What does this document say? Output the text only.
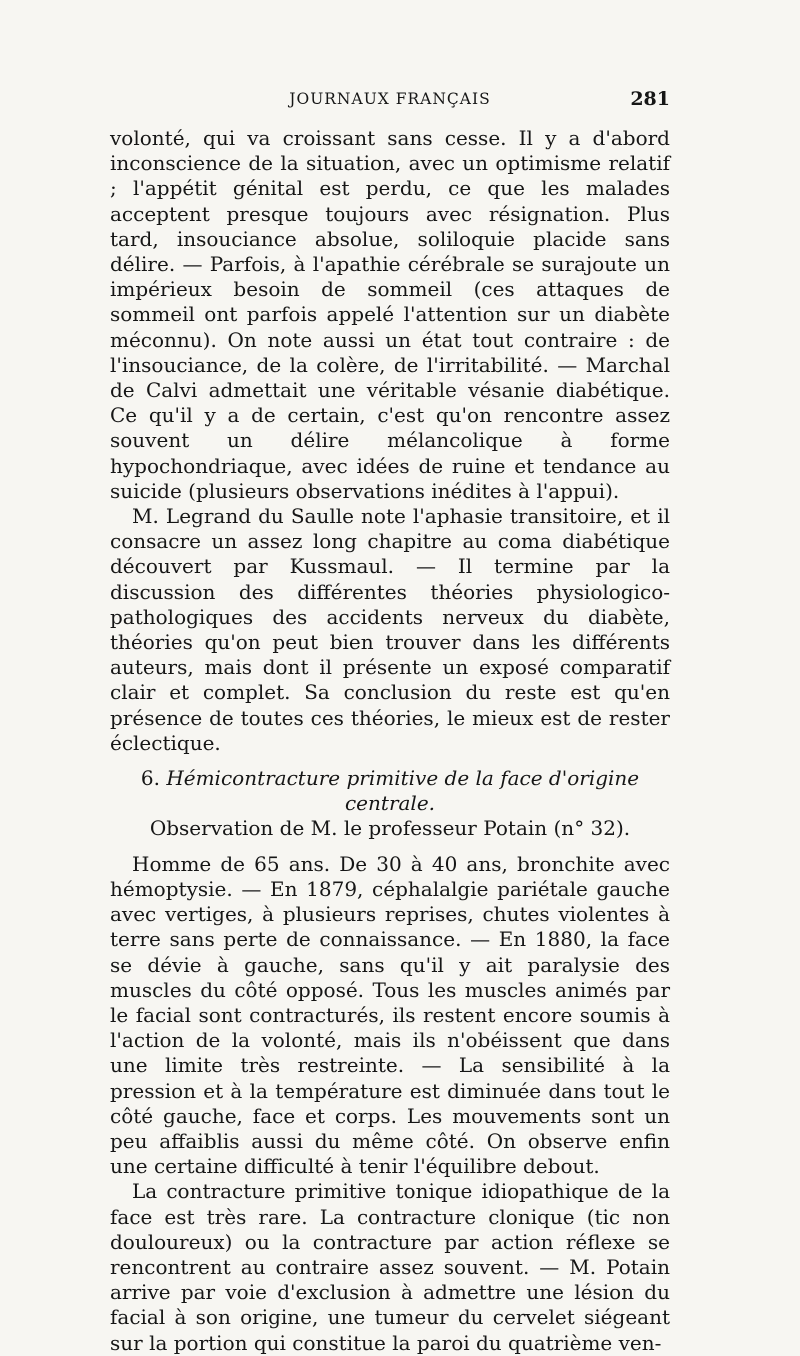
JOURNAUX FRANÇAIS	281

volonté, qui va croissant sans cesse. Il y a d'abord inconscience de la situation, avec un optimisme relatif ; l'appétit génital est perdu, ce que les malades acceptent presque toujours avec résignation. Plus tard, insouciance absolue, soliloquie placide sans délire. — Parfois, à l'apathie cérébrale se surajoute un impérieux besoin de sommeil (ces attaques de sommeil ont parfois appelé l'attention sur un diabète méconnu). On note aussi un état tout contraire : de l'insouciance, de la colère, de l'irritabilité. — Marchal de Calvi admettait une véritable vésanie diabétique. Ce qu'il y a de certain, c'est qu'on rencontre assez souvent un délire mélancolique à forme hypochondriaque, avec idées de ruine et tendance au suicide (plusieurs observations inédites à l'appui).

M. Legrand du Saulle note l'aphasie transitoire, et il consacre un assez long chapitre au coma diabétique découvert par Kussmaul. — Il termine par la discussion des différentes théories physiologico-pathologiques des accidents nerveux du diabète, théories qu'on peut bien trouver dans les différents auteurs, mais dont il présente un exposé comparatif clair et complet. Sa conclusion du reste est qu'en présence de toutes ces théories, le mieux est de rester éclectique.

6. Hémicontracture primitive de la face d'origine centrale.
Observation de M. le professeur Potain (n° 32).

Homme de 65 ans. De 30 à 40 ans, bronchite avec hémoptysie. — En 1879, céphalalgie pariétale gauche avec vertiges, à plusieurs reprises, chutes violentes à terre sans perte de connaissance. — En 1880, la face se dévie à gauche, sans qu'il y ait paralysie des muscles du côté opposé. Tous les muscles animés par le facial sont contracturés, ils restent encore soumis à l'action de la volonté, mais ils n'obéissent que dans une limite très restreinte. — La sensibilité à la pression et à la température est diminuée dans tout le côté gauche, face et corps. Les mouvements sont un peu affaiblis aussi du même côté. On observe enfin une certaine difficulté à tenir l'équilibre debout.

La contracture primitive tonique idiopathique de la face est très rare. La contracture clonique (tic non douloureux) ou la contracture par action réflexe se rencontrent au contraire assez souvent. — M. Potain arrive par voie d'exclusion à admettre une lésion du facial à son origine, une tumeur du cervelet siégeant sur la portion qui constitue la paroi du quatrième ven-
